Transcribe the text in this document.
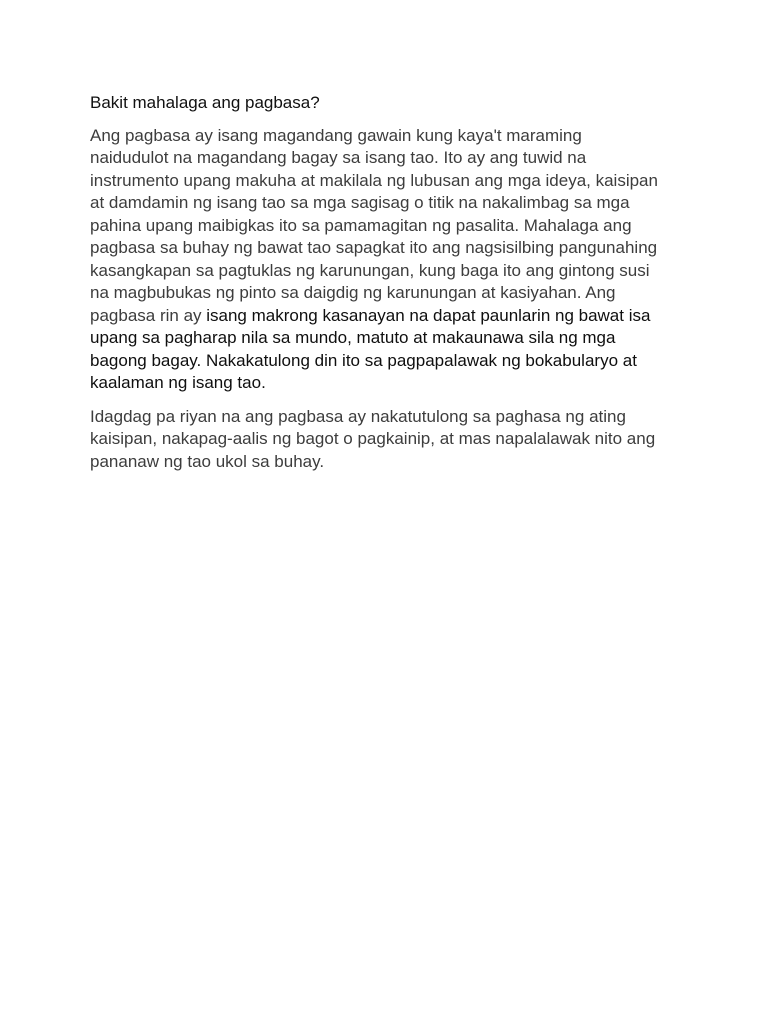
Bakit mahalaga ang pagbasa?
Ang pagbasa ay isang magandang gawain kung kaya't maraming
naidudulot na magandang bagay sa isang tao. Ito ay ang tuwid na
instrumento upang makuha at makilala ng lubusan ang mga ideya, kaisipan
at damdamin ng isang tao sa mga sagisag o titik na nakalimbag sa mga
pahina upang maibigkas ito sa pamamagitan ng pasalita. Mahalaga ang
pagbasa sa buhay ng bawat tao sapagkat ito ang nagsisilbing pangunahing
kasangkapan sa pagtuklas ng karunungan, kung baga ito ang gintong susi
na magbubukas ng pinto sa daigdig ng karunungan at kasiyahan. Ang
pagbasa rin ay isang makrong kasanayan na dapat paunlarin ng bawat isa
upang sa pagharap nila sa mundo, matuto at makaunawa sila ng mga
bagong bagay. Nakakatulong din ito sa pagpapalawak ng bokabularyo at
kaalaman ng isang tao.
Idagdag pa riyan na ang pagbasa ay nakatutulong sa paghasa ng ating
kaisipan, nakapag-aalis ng bagot o pagkainip, at mas napalalawak nito ang
pananaw ng tao ukol sa buhay.
